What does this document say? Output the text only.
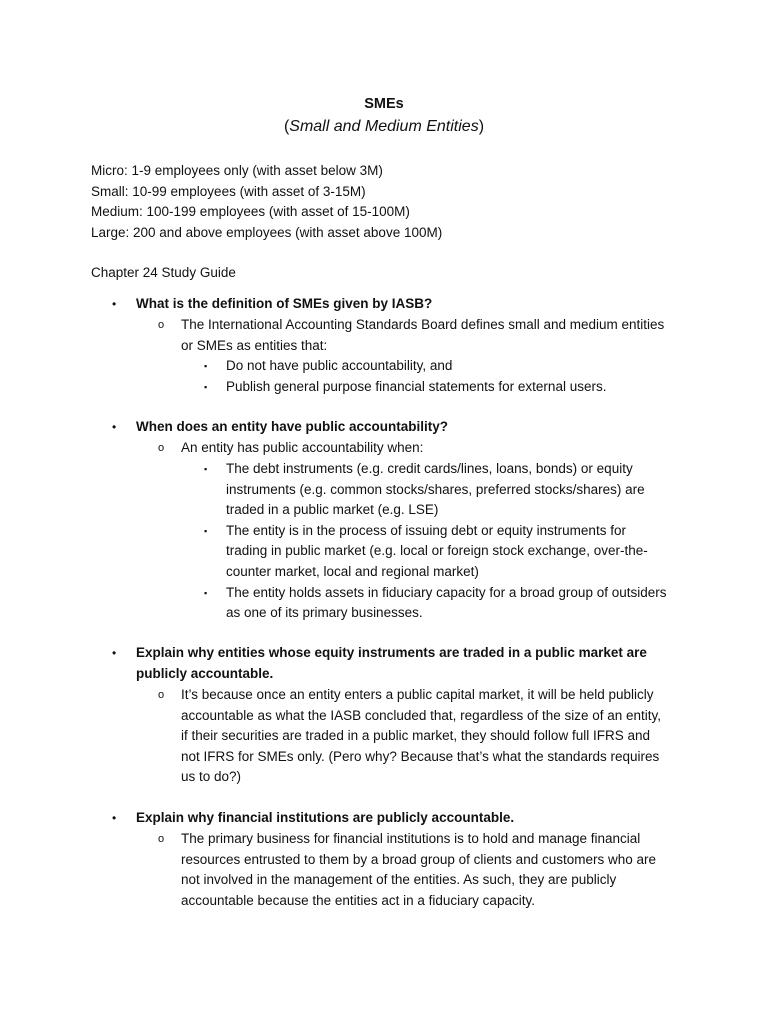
SMEs
(Small and Medium Entities)
Micro: 1-9 employees only (with asset below 3M)
Small: 10-99 employees (with asset of 3-15M)
Medium: 100-199 employees (with asset of 15-100M)
Large: 200 and above employees (with asset above 100M)
Chapter 24 Study Guide
• What is the definition of SMEs given by IASB?
o The International Accounting Standards Board defines small and medium entities
or SMEs as entities that:
▪ Do not have public accountability, and
▪ Publish general purpose financial statements for external users.
• When does an entity have public accountability?
o An entity has public accountability when:
▪ The debt instruments (e.g. credit cards/lines, loans, bonds) or equity
instruments (e.g. common stocks/shares, preferred stocks/shares) are
traded in a public market (e.g. LSE)
▪ The entity is in the process of issuing debt or equity instruments for
trading in public market (e.g. local or foreign stock exchange, over-the-
counter market, local and regional market)
▪ The entity holds assets in fiduciary capacity for a broad group of outsiders
as one of its primary businesses.
• Explain why entities whose equity instruments are traded in a public market are
publicly accountable.
o It’s because once an entity enters a public capital market, it will be held publicly
accountable as what the IASB concluded that, regardless of the size of an entity,
if their securities are traded in a public market, they should follow full IFRS and
not IFRS for SMEs only. (Pero why? Because that’s what the standards requires
us to do?)
• Explain why financial institutions are publicly accountable.
o The primary business for financial institutions is to hold and manage financial
resources entrusted to them by a broad group of clients and customers who are
not involved in the management of the entities. As such, they are publicly
accountable because the entities act in a fiduciary capacity.
